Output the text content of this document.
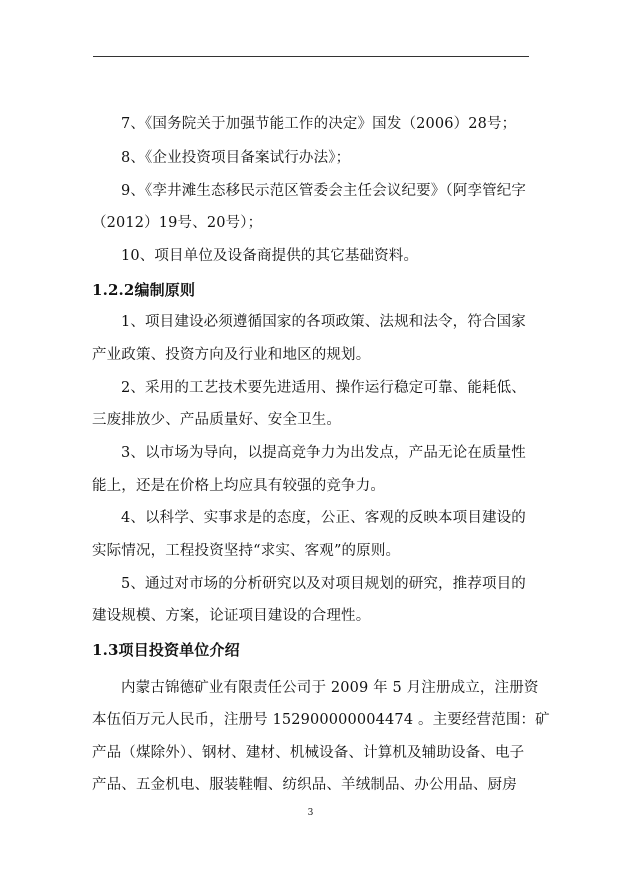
7、《国务院关于加强节能工作的决定》国发（2006）28号；
8、《企业投资项目备案试行办法》；
9、《孪井滩生态移民示范区管委会主任会议纪要》（阿孪管纪字
（2012）19号、20号）；
10、项目单位及设备商提供的其它基础资料。
1.2.2编制原则
1、项目建设必须遵循国家的各项政策、法规和法令，符合国家
产业政策、投资方向及行业和地区的规划。
2、采用的工艺技术要先进适用、操作运行稳定可靠、能耗低、
三废排放少、产品质量好、安全卫生。
3、以市场为导向，以提高竞争力为出发点，产品无论在质量性
能上，还是在价格上均应具有较强的竞争力。
4、以科学、实事求是的态度，公正、客观的反映本项目建设的
实际情况，工程投资坚持“求实、客观”的原则。
5、通过对市场的分析研究以及对项目规划的研究，推荐项目的
建设规模、方案，论证项目建设的合理性。
1.3项目投资单位介绍
内蒙古锦德矿业有限责任公司于 2009 年 5 月注册成立，注册资
本伍佰万元人民币，注册号 152900000004474 。主要经营范围：矿
产品（煤除外）、钢材、建材、机械设备、计算机及辅助设备、电子
产品、五金机电、服装鞋帽、纺织品、羊绒制品、办公用品、厨房
3
